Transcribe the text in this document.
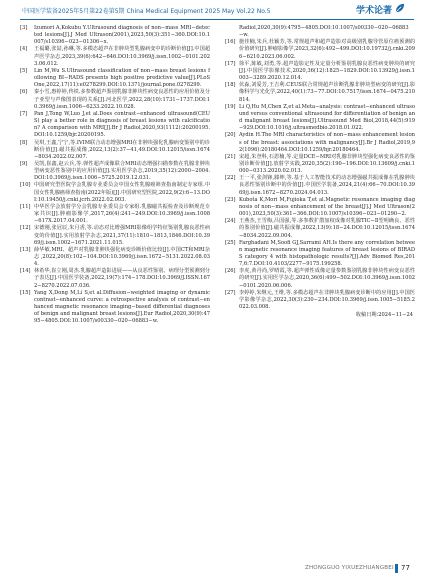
中国医学装备2025年5月第22卷第5期 China Medical Equipment 2025 May Vol.22 No.5	学术论著
[3] Izumori A,Kokubu Y.Ultrasound diagnosis of non−mass MRI−detected lesions[J].J Med Ultrason(2001),2023,50(3):351−360.DOI:10.1007/s10396−023−01306−x.
[4] 王福璐,张喆,孙琳,等.多模态超声在非肿块型乳腺病变中的诊断价值[J].中国超声医学杂志,2023,39(6):642−646.DOI:10.3969/j.issn.1002−0101.2023.06.012.
[5] Lin M,Wu S.Ultrasound classification of non−mass breast lesions following BI−RADS presents high positive predictive value[J].PLoS One,2022,17(11):e0278299.DOI:10.1371/journal.pone.0278299.
[6] 秦小雪,惠婷婷,佟铁.多参数超声鉴别乳腺非肿块性病变良恶性的应用价值及分子亚型与声像图表现的关系[J].河北医学,2022,28(10):1731−1737.DOI:10.3969/j.issn.1006−6233.2022.10.028.
[7] Pan J,Tong W,Luo J,et al.Does contrast−enhanced ultrasound(CEUS) play a better role in diagnosis of breast lesions with calcification? A comparison with MRI[J].Br J Radiol,2020,93(1112):20200195.DOI:10.1259/bjr.20200195.
[8] 吴琪,王鑫,宁宁,等.IVIM联合动态增强MRI在非肿块强化乳腺病变鉴别中的诊断价值[J].磁共振成像,2022,13(2):37−41,49.DOI:10.12015/issn.1674−8034.2022.02.007.
[9] 吴凯,崔鑫,赵云兵,等.弹性超声成像联合MRI动态增强扫描参数在乳腺非肿块型病变恶性鉴别中的应用价值[J].实用医学杂志,2019,35(12):2000−2004.DOI:10.3969/j.issn.1006−5725.2019.12.031.
[10] 中国研究型医院学会乳腺专业委员会中国女性乳腺癌筛查指南制定专家组.中国女性乳腺癌筛查指南(2022年版)[J].中国研究型医院,2022,9(2):6−13.DOI:10.19450/j.cnki.jcrh.2022.02.003.
[11] 中华医学会放射学分会乳腺专业委员会专家组.乳腺磁共振检查及诊断规范专家共识[J].肿瘤影像学,2017,26(4):241−249.DOI:10.3969/j.issn.1008−617X.2017.04.001.
[12] 宋德刚,张冠辰,朱月香,等.动态对比增强MRI影像组学特征鉴别乳腺良恶性病变的价值[J].实用放射学杂志,2021,37(11):1810−1813,1846.DOI:10.3969/j.issn.1002−1671.2021.11.015.
[13] 薛华敏.MRI、超声对乳腺非肿块强化病变诊断价值比较[J].中国CT和MRI杂志,2022,20(8):102−104.DOI:10.3969/j.issn.1672−5131.2022.08.034.
[14] 林希华,崔立刚,周杰.乳腺超声造影进展——从良恶性鉴别、病理分型预测到分子表达[J].中国医学装备,2022,19(7):174−178.DOI:10.3969/J.ISSN.1672−8270.2022.07.036.
[15] Yang X,Dong M,Li S,et al.Diffusion−weighted imaging or dynamic contrast−enhanced curve: a retrospective analysis of contrast−enhanced magnetic resonance imaging−based differential diagnoses of benign and malignant breast lesions[J].Eur Radiol,2020,30(9):4795−4805.DOI:10.1007/s00330−020−06883−w.
Radiol,2020,30(9):4795−4805.DOI:10.1007/s00330−020−06883−w.
[16] 施佳楠,朱兵,杜颖芳,等.常规超声和超声造影对高级别乳腺导管原位癌预测的价值研究[J].肿瘤影像学,2023,32(6):492−499.DOI:10.19732/j.cnki.2096−6210.2023.06.002.
[17] 徐平,陈敏,刘勇,等.超声造影定性及定量分析鉴别乳腺良恶性病变肿块的研究[J].中国医学影像技术,2020,36(12):1825−1829.DOI:10.13929/j.issn.1003−3289.2020.12.014.
[18] 伏淼,刘爱芳,王吉利.CEUS联合常规超声诊断乳腺非肿块型病变的研究[J].影像科学与光化学,2022,40(1):73−77.DOI:10.7517/issn.1674−0475.210814.
[19] Li Q,Hu M,Chen Z,et al.Meta−analysis: contrast−enhanced ultrasound versus conventional ultrasound for differentiation of benign and malignant breast lesions[J].Ultrasound Med Biol,2018,44(5):919−929.DOI:10.1016/j.ultrasmedbio.2018.01.022.
[20] Aydin H.The MRI characteristics of non−mass enhancement lesions of the breast: associations with malignancy[J].Br J Radiol,2019,92(1096):20180464.DOI:10.1259/bjr.20180464.
[21] 宋超,朱登科,石恩楠,等.定量DCE−MRI对乳腺非肿块型强化病变良恶性的鉴别诊断价值[J].放射学实践,2020,35(2):190−196.DOI:10.13609/j.cnki.1000−0313.2020.02.013.
[22] 王一平,张剑锋,滕坤,等.基于人工智能技术的动态增强磁共振成像在乳腺肿块良恶性鉴别诊断中的价值[J].中国医学装备,2024,21(4):66−70.DOI:10.3969/j.issn.1672−8270.2024.04.013.
[23] Kubota K,Mori M,Fujioka T,et al.Magnetic resonance imaging diagnosis of non−mass enhancement of the breast[J].J Med Ultrason(2001),2023,50(3):361−366.DOI:10.1007/s10396−023−01290−2.
[24] 王燕杰,王雪梅,吕国强,等.多参数扩散加权成像对乳腺TIC−Ⅱ型明确良、恶性的鉴别价值[J].磁共振成像,2022,13(9):18−24.DOI:10.12015/issn.1674−8034.2022.09.004.
[25] Farghadani M,Soofi GJ,Sarrami AH.Is there any correlation between magnetic resonance imaging features of breast lesions of BIRADS category 4 with histopathologic results?[J].Adv Biomed Res,2017,6:7.DOI:10.4103/2277−9175.199258.
[26] 李虎,黄丹尚,罗晴霞,等.超声弹性成像定量参数鉴别乳腺非肿块性病变良恶性的研究[J].实用医学杂志,2020,36(6):499−502.DOI:10.3969/j.issn.1002−0101.2020.06.006.
[27] 李婷婷,朱继元,王维,等.多模态超声在非肿块乳腺病变诊断中的应用[J].中国医学影像学杂志,2022,30(3):230−234.DOI:10.3969/j.issn.1005−5185.2022.03.008.
收稿日期:2024−11−24
ZHONGGUO YIXUEZHUANGBEI 77
